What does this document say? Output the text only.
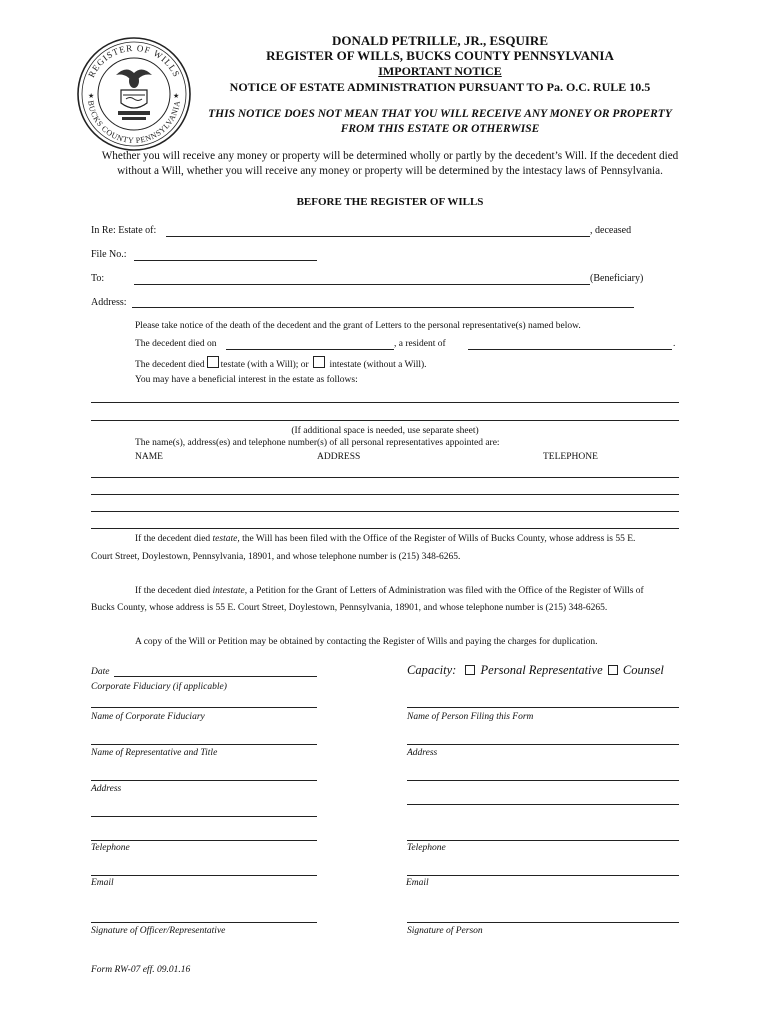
REGISTER OF WILLS
BUCKS COUNTY PENNSYLVANIA
★	★
DONALD PETRILLE, JR., ESQUIRE
REGISTER OF WILLS, BUCKS COUNTY PENNSYLVANIA
IMPORTANT NOTICE
NOTICE OF ESTATE ADMINISTRATION PURSUANT TO Pa. O.C. RULE 10.5
THIS NOTICE DOES NOT MEAN THAT YOU WILL RECEIVE ANY MONEY OR PROPERTY
FROM THIS ESTATE OR OTHERWISE
Whether you will receive any money or property will be determined wholly or partly by the decedent’s Will. If the decedent died
without a Will, whether you will receive any money or property will be determined by the intestacy laws of Pennsylvania.
BEFORE THE REGISTER OF WILLS
In Re: Estate of:	, deceased
File No.:
To:	(Beneficiary)
Address:
Please take notice of the death of the decedent and the grant of Letters to the personal representative(s) named below.
The decedent died on	, a resident of	.
The decedent died testate (with a Will); or intestate (without a Will).
You may have a beneficial interest in the estate as follows:
(If additional space is needed, use separate sheet)
The name(s), address(es) and telephone number(s) of all personal representatives appointed are:
NAME	ADDRESS	TELEPHONE
If the decedent died testate, the Will has been filed with the Office of the Register of Wills of Bucks County, whose address is 55 E.
Court Street, Doylestown, Pennsylvania, 18901, and whose telephone number is (215) 348-6265.
If the decedent died intestate, a Petition for the Grant of Letters of Administration was filed with the Office of the Register of Wills of
Bucks County, whose address is 55 E. Court Street, Doylestown, Pennsylvania, 18901, and whose telephone number is (215) 348-6265.
A copy of the Will or Petition may be obtained by contacting the Register of Wills and paying the charges for duplication.
Date
Corporate Fiduciary (if applicable)
Capacity: Personal Representative Counsel
Name of Corporate Fiduciary	Name of Person Filing this Form
Name of Representative and Title	Address
Address
Telephone	Telephone
Email	Email
Signature of Officer/Representative	Signature of Person
Form RW-07 eff. 09.01.16
